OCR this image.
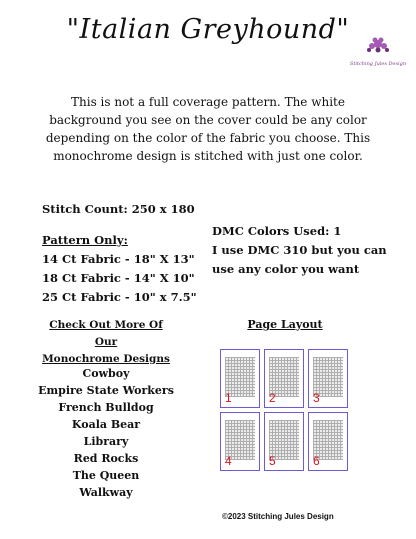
"Italian Greyhound"
Stitching Jules Design
This is not a full coverage pattern. The white background you see on the cover could be any color depending on the color of the fabric you choose. This monochrome design is stitched with just one color.
Stitch Count: 250 x 180
Pattern Only:
14 Ct Fabric - 18" X 13"
18 Ct Fabric - 14" X 10"
25 Ct Fabric - 10" x 7.5"
DMC Colors Used: 1
I use DMC 310 but you can
use any color you want
Check Out More Of Our
Monochrome Designs
Cowboy
Empire State Workers
French Bulldog
Koala Bear
Library
Red Rocks
The Queen
Walkway
Page Layout
1	2	3
4	5	6
©2023 Stitching Jules Design
